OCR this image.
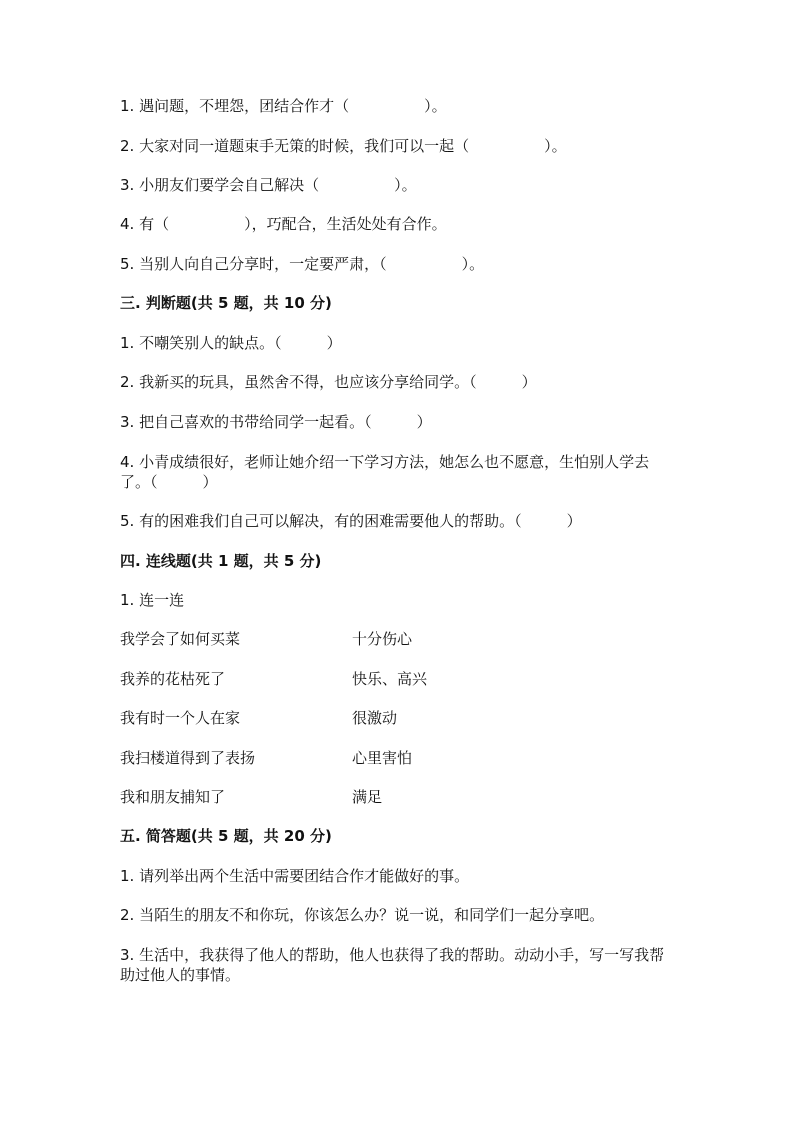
1. 遇问题，不埋怨，团结合作才（　　　　　）。
2. 大家对同一道题束手无策的时候，我们可以一起（　　　　　）。
3. 小朋友们要学会自己解决（　　　　　）。
4. 有（　　　　　），巧配合，生活处处有合作。
5. 当别人向自己分享时，一定要严肃，（　　　　　）。
三. 判断题(共 5 题，共 10 分)
1. 不嘲笑别人的缺点。（　　　）
2. 我新买的玩具，虽然舍不得，也应该分享给同学。（　　　）
3. 把自己喜欢的书带给同学一起看。（　　　）
4. 小青成绩很好，老师让她介绍一下学习方法，她怎么也不愿意，生怕别人学去了。（　　　）
5. 有的困难我们自己可以解决，有的困难需要他人的帮助。（　　　）
四. 连线题(共 1 题，共 5 分)
1. 连一连
我学会了如何买菜	十分伤心
我养的花枯死了	快乐、高兴
我有时一个人在家	很激动
我扫楼道得到了表扬	心里害怕
我和朋友捕知了	满足
五. 简答题(共 5 题，共 20 分)
1. 请列举出两个生活中需要团结合作才能做好的事。
2. 当陌生的朋友不和你玩，你该怎么办？说一说，和同学们一起分享吧。
3. 生活中，我获得了他人的帮助，他人也获得了我的帮助。动动小手，写一写我帮助过他人的事情。
